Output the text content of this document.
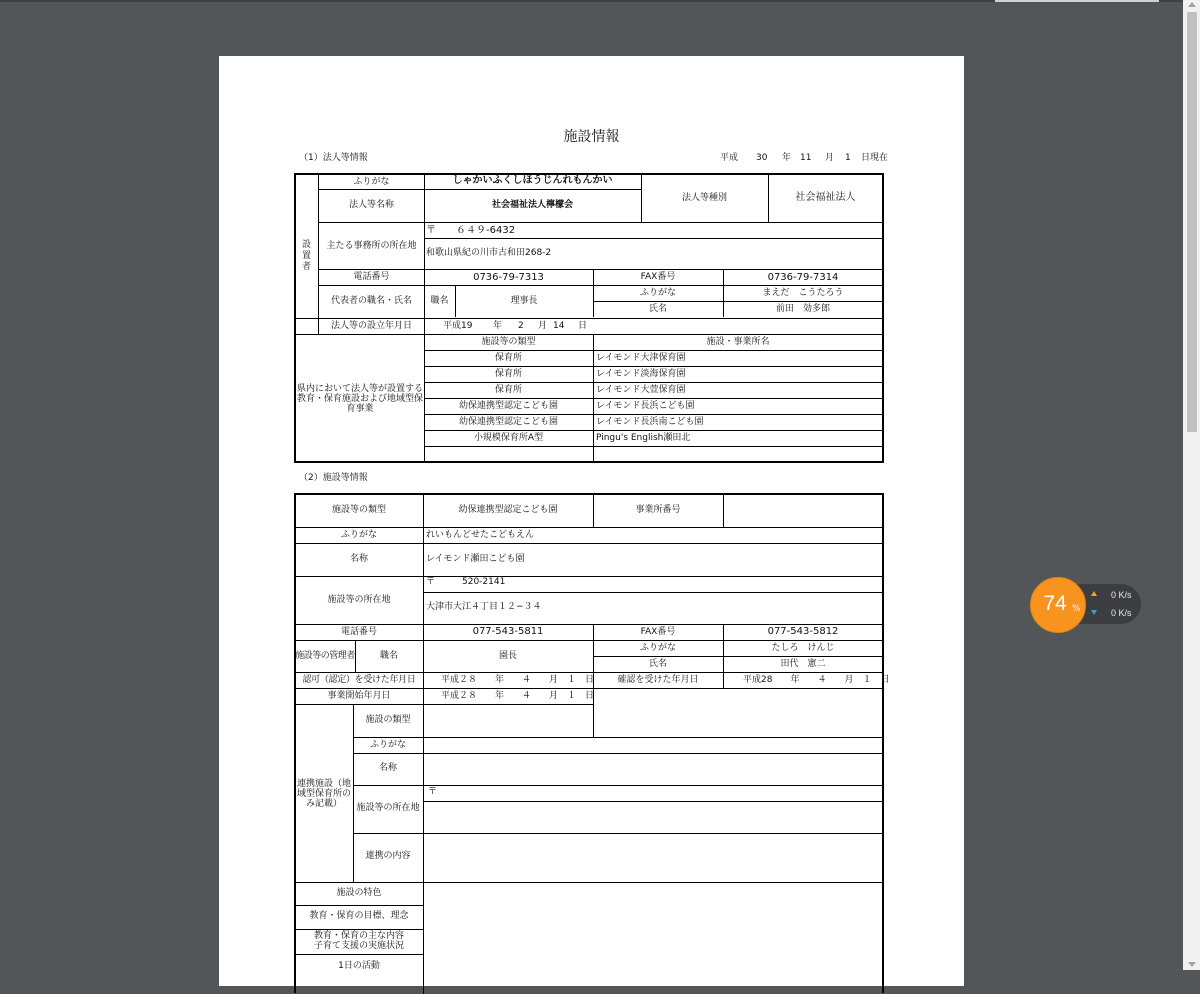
施設情報
（1）法人等情報	平成 30 年 11 月 1 日現在
設置者
ふりがな	しゃかいふくしほうじんれもんかい
法人等名称	社会福祉法人檸檬会
法人等種別	社会福祉法人
主たる事務所の所在地
〒　　６４９-6432
和歌山県紀の川市古和田268-2
電話番号	0736-79-7313	FAX番号	0736-79-7314
代表者の職名・氏名	職名	理事長
ふりがな	まえだ　こうたろう
氏名	前田　効多郎
法人等の設立年月日	平成19 年 2 月 14 日
県内において法人等が設置する教育・保育施設および地域型保育事業
施設等の類型	施設・事業所名
保育所	レイモンド大津保育園
保育所	レイモンド淡海保育園
保育所	レイモンド大萱保育園
幼保連携型認定こども園	レイモンド長浜こども園
幼保連携型認定こども園	レイモンド長浜南こども園
小規模保育所A型	Pingu's English瀬田北
（2）施設等情報
施設等の類型	幼保連携型認定こども園	事業所番号
ふりがな	れいもんどせたこどもえん
名称	レイモンド瀬田こども園
施設等の所在地
〒　　　520-2141
大津市大江４丁目１２−３４
電話番号	077-543-5811	FAX番号	077-543-5812
施設等の管理者	職名	園長
ふりがな	たしろ　けんじ
氏名	田代　憲二
認可（認定）を受けた年月日	平成２８　　年　　４　　月　１　日	確認を受けた年月日	平成28　　年　　４　　月　１　日
事業開始年月日	平成２８　　年　　４　　月　１　日
連携施設（地域型保育所のみ記載）
施設の類型
ふりがな
名称
施設等の所在地
〒
連携の内容
施設の特色
教育・保育の目標、理念
教育・保育の主な内容
子育て支援の実施状況
1日の活動
0 K/s
0 K/s
74 %
